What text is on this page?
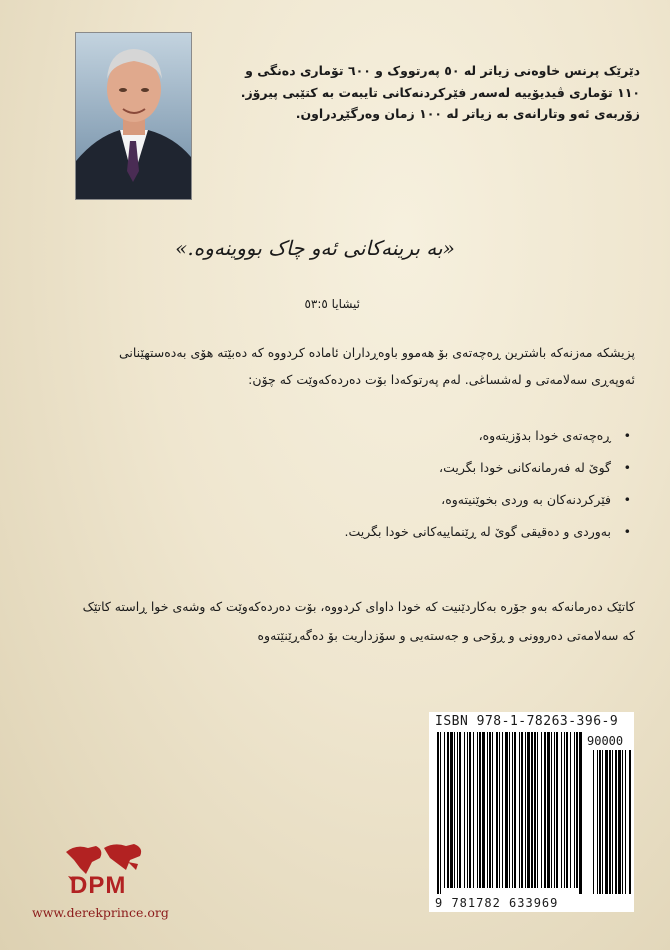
دێرێک پرنس خاوەنی زیاتر لە ٥٠ پەرتووک و ٦٠٠ تۆماری دەنگی و

١١٠ تۆماری ڤیدیۆییە لەسەر فێرکردنەکانی تایبەت بە کتێبی پیرۆز.

زۆربەی ئەو وتارانەی بە زیاتر لە ١٠٠ زمان وەرگێڕدراون.

«بە برینەکانی ئەو چاک بووینەوە.»
ئیشایا ٥٣:٥

پزیشکە مەزنەکە باشترین ڕەچەتەی بۆ هەموو باوەڕداران ئامادە کردووە کە دەبێتە هۆی بەدەستهێنانی ئەوپەڕی سەلامەتی و لەشساغی. لەم پەرتوکەدا بۆت دەردەکەوێت کە چۆن:

•
ڕەچەتەی خودا بدۆزیتەوە،
•
گوێ لە فەرمانەکانی خودا بگریت،
•
فێرکردنەکان بە وردی بخوێنیتەوە،
•
بەوردی و دەقیقی گوێ لە ڕێنماییەکانی خودا بگریت.

کاتێک دەرمانەکە بەو جۆرە بەکاردێنیت کە خودا داوای کردووە، بۆت دەردەکەوێت کە وشەی خوا ڕاستە کاتێک کە سەلامەتی دەروونی و ڕۆحی و جەستەیی و سۆزداریت بۆ دەگەڕێنێتەوە

ISBN 978-1-78263-396-9
90000
9 781782 633969
DPM
www.derekprince.org
